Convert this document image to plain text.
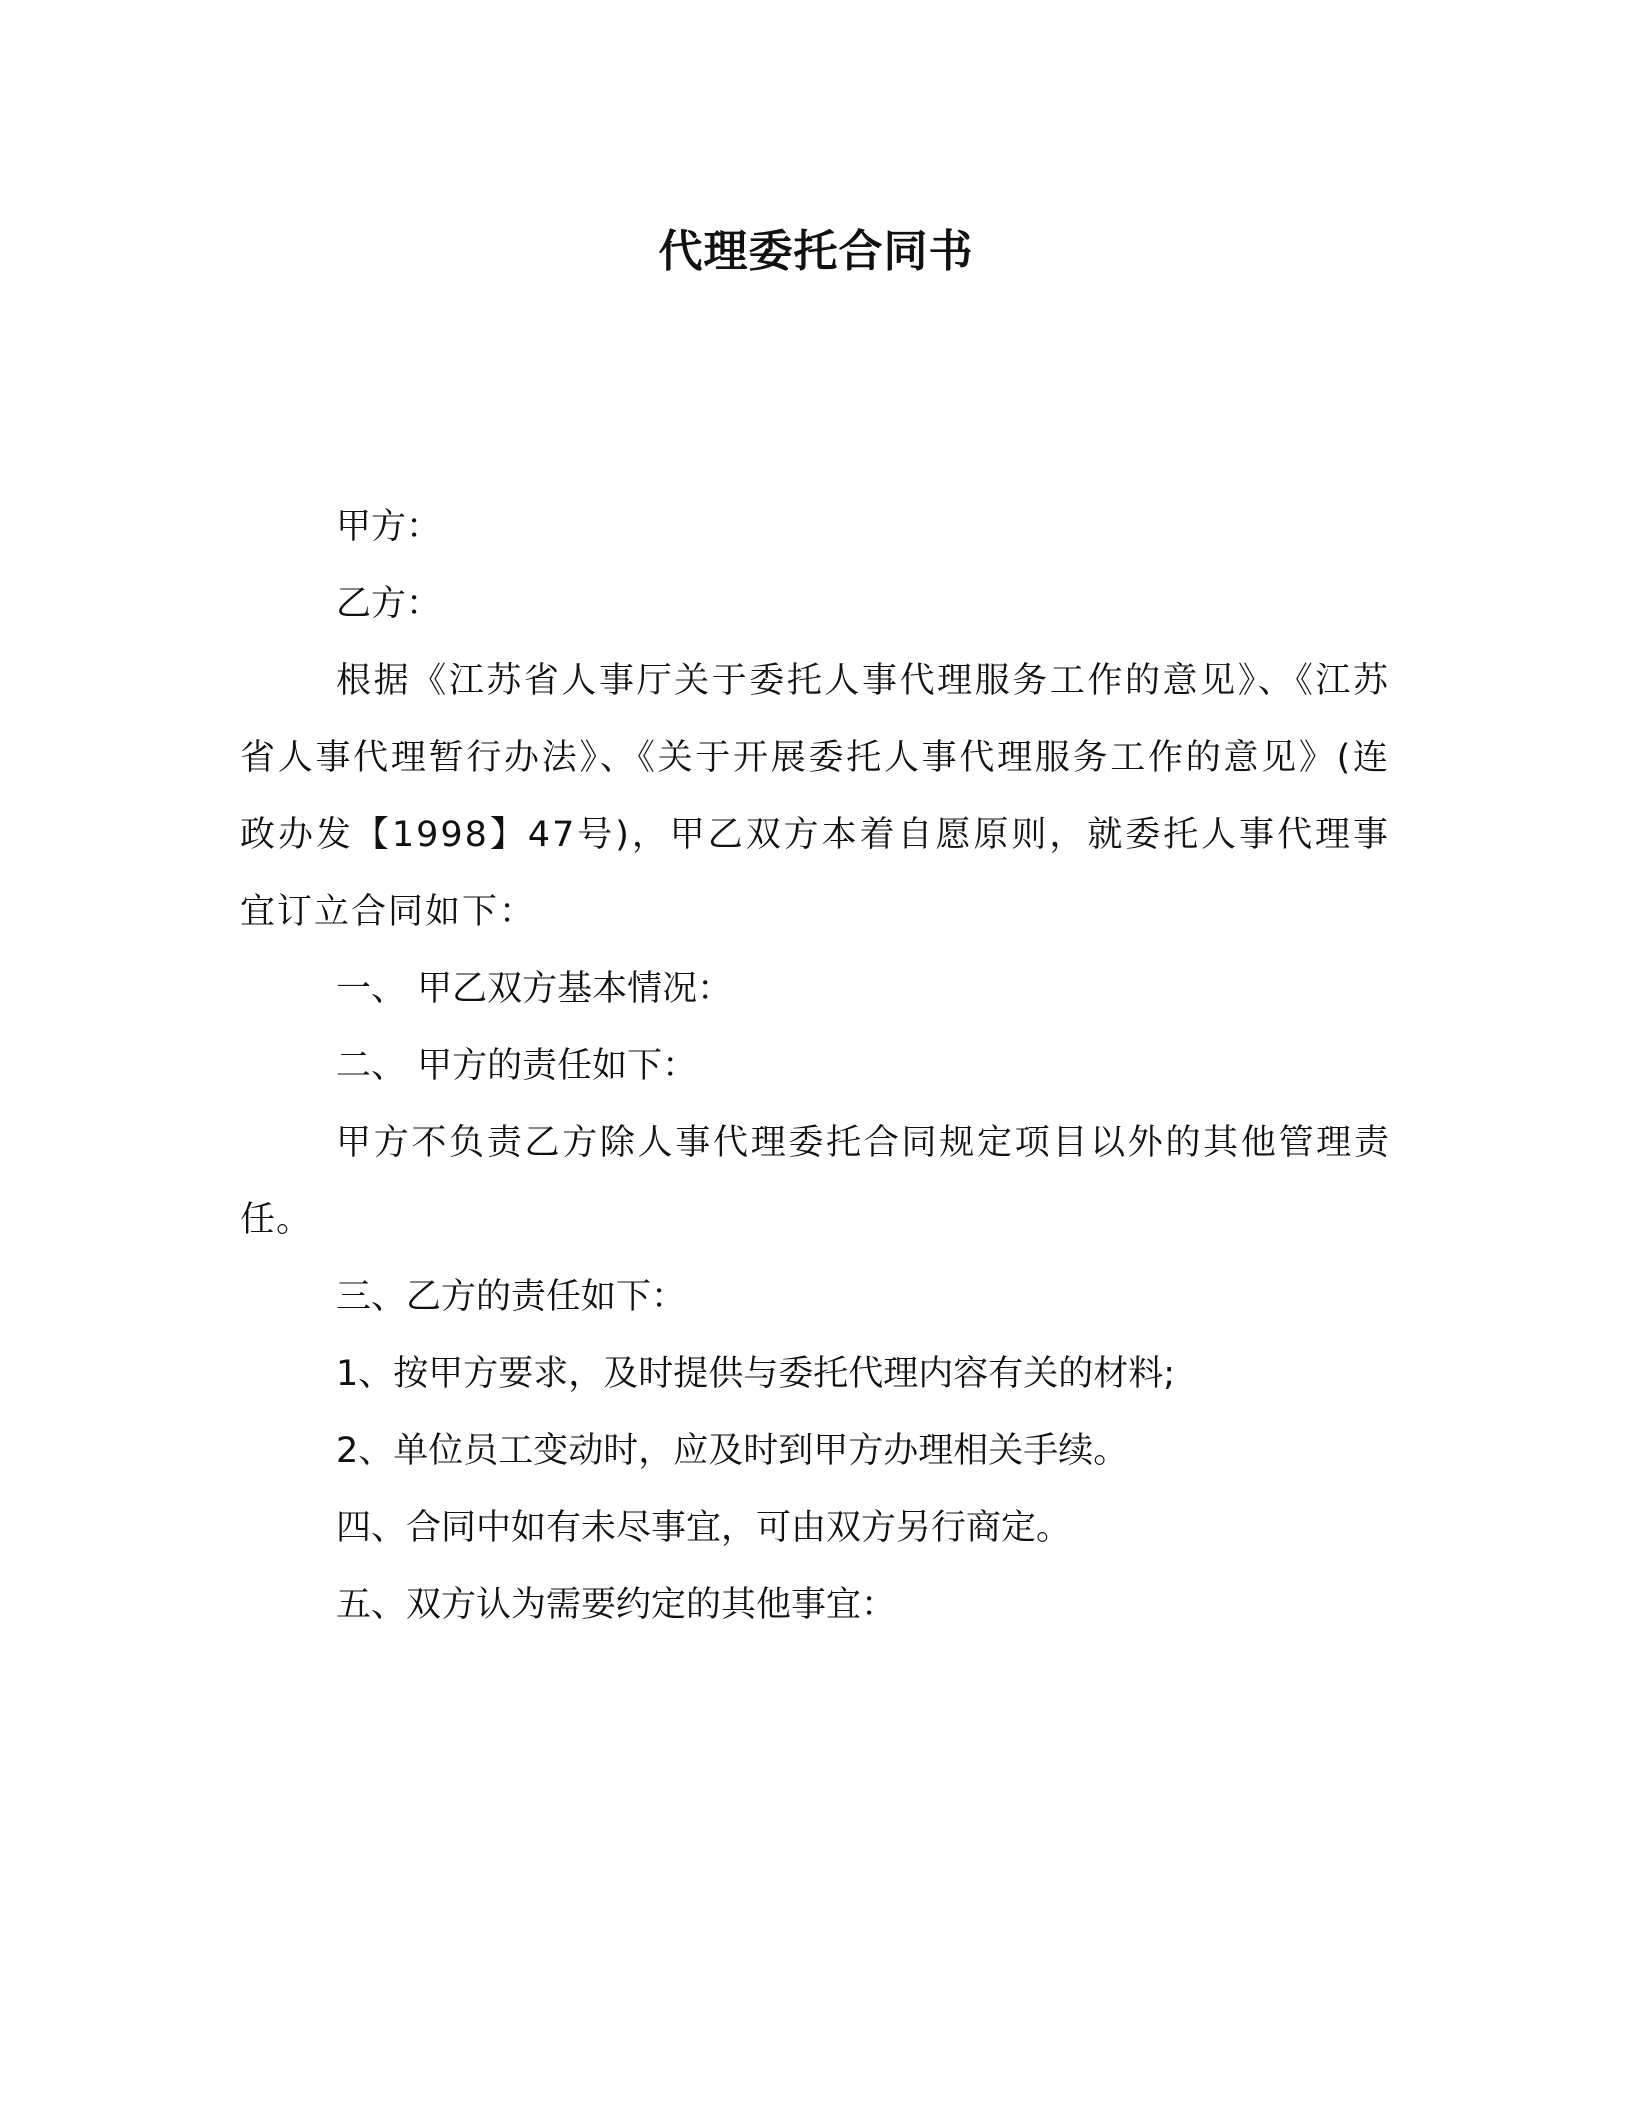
代理委托合同书

甲方：

乙方：

根据《江苏省人事厅关于委托人事代理服务工作的意见》、《江苏省人事代理暂行办法》、《关于开展委托人事代理服务工作的意见》(连政办发【1998】47号)，甲乙双方本着自愿原则，就委托人事代理事宜订立合同如下：

一、 甲乙双方基本情况：

二、 甲方的责任如下：

甲方不负责乙方除人事代理委托合同规定项目以外的其他管理责任。

三、乙方的责任如下：

1、按甲方要求，及时提供与委托代理内容有关的材料;

2、单位员工变动时，应及时到甲方办理相关手续。

四、合同中如有未尽事宜，可由双方另行商定。

五、双方认为需要约定的其他事宜：
